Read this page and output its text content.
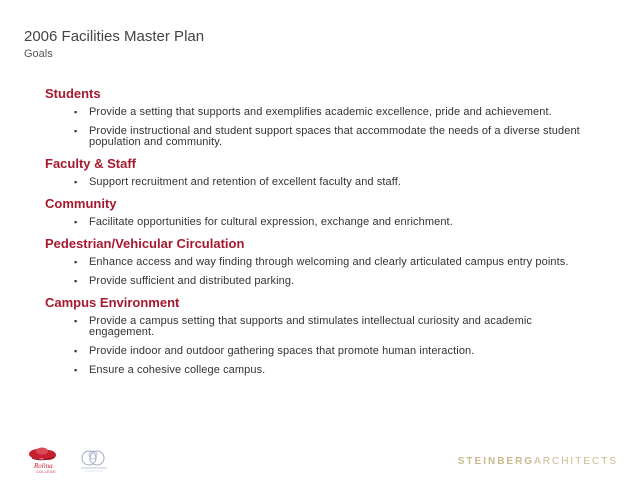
2006 Facilities Master Plan
Goals
Students
▪ Provide a setting that supports and exemplifies academic excellence, pride and achievement.
▪ Provide instructional and student support spaces that accommodate the needs of a diverse student population and community.
Faculty & Staff
▪ Support recruitment and retention of excellent faculty and staff.
Community
▪ Facilitate opportunities for cultural expression, exchange and enrichment.
Pedestrian/Vehicular Circulation
▪ Enhance access and way finding through welcoming and clearly articulated campus entry points.
▪ Provide sufficient and distributed parking.
Campus Environment
▪ Provide a campus setting that supports and stimulates intellectual curiosity and academic engagement.
▪ Provide indoor and outdoor gathering spaces that promote human interaction.
▪ Ensure a cohesive college campus.
Rolina
COLLEGE
STEINBERGARCHITECTS
